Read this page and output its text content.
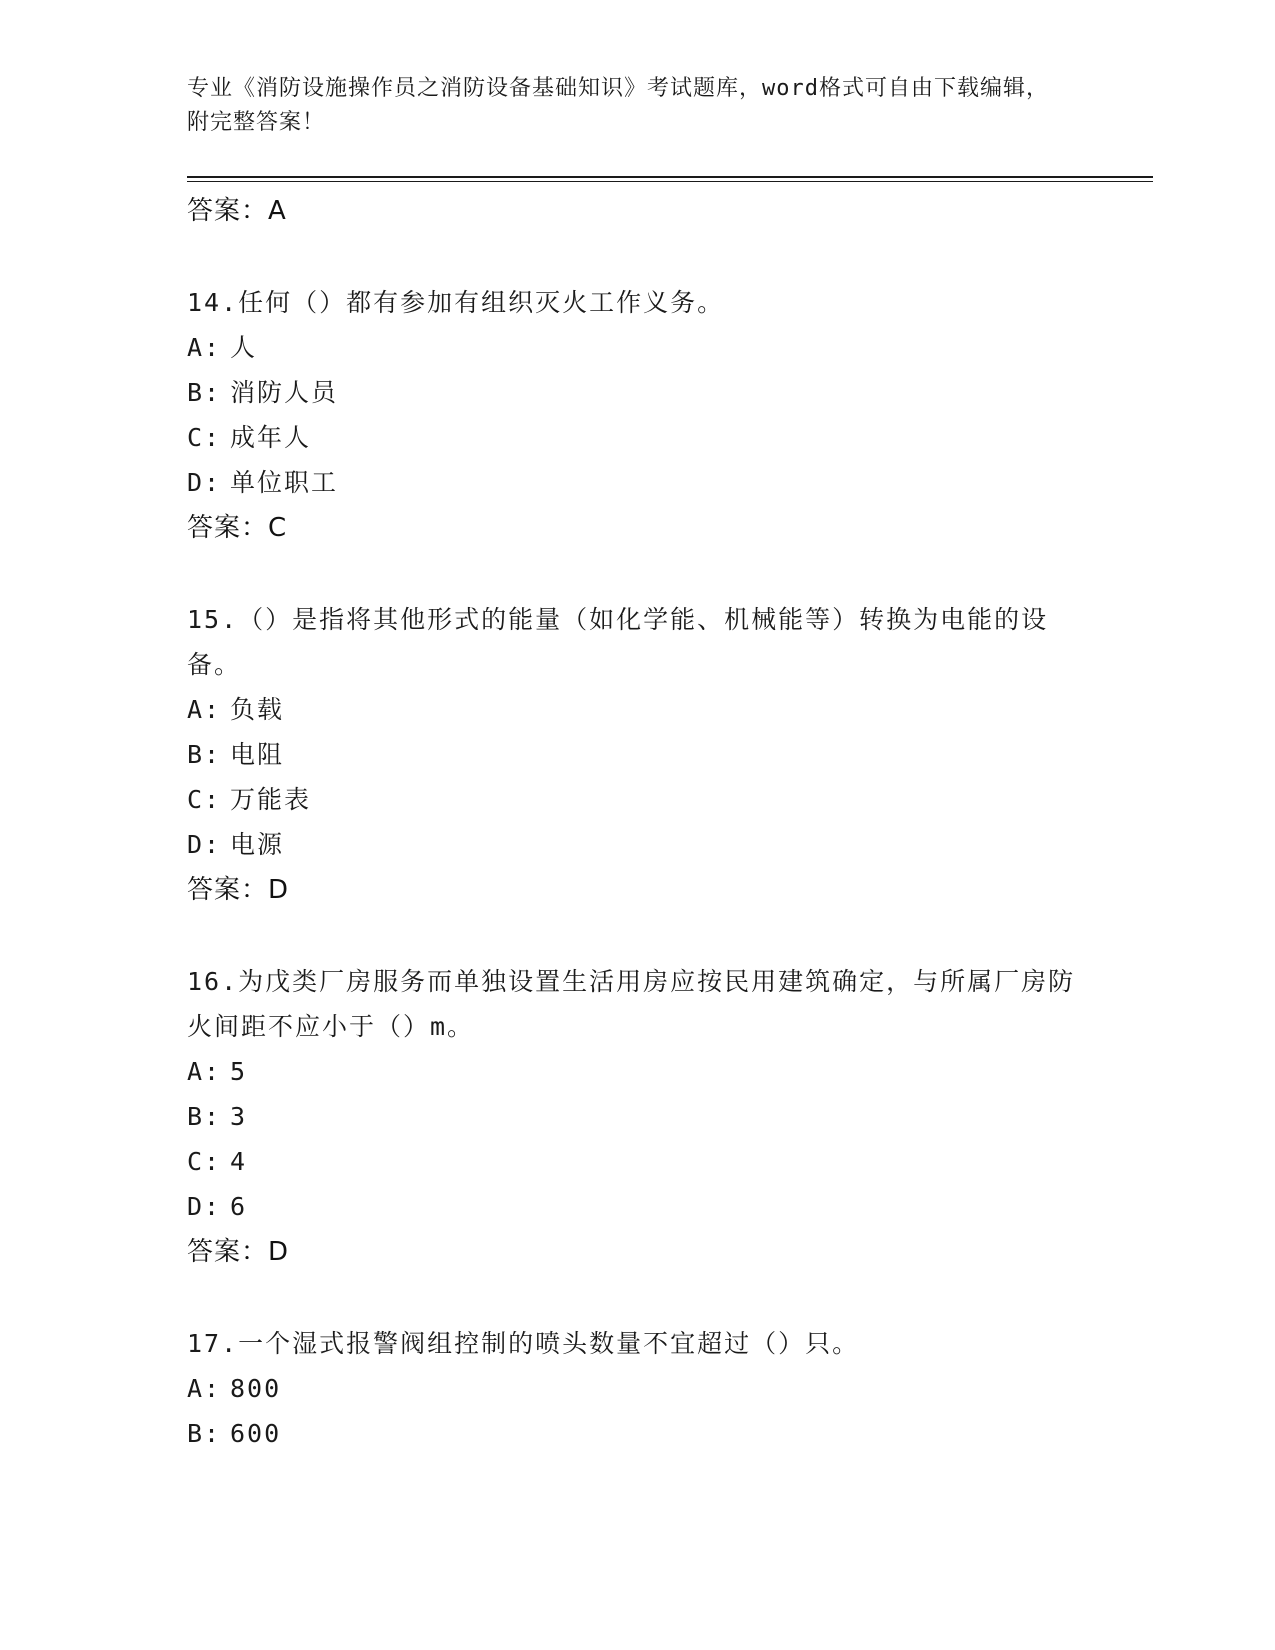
专业《消防设施操作员之消防设备基础知识》考试题库，word格式可自由下载编辑，附完整答案！
答案：A
14.任何（）都有参加有组织灭火工作义务。
A: 人
B: 消防人员
C: 成年人
D: 单位职工
答案：C
15.（）是指将其他形式的能量（如化学能、机械能等）转换为电能的设备。
A: 负载
B: 电阻
C: 万能表
D: 电源
答案：D
16.为戊类厂房服务而单独设置生活用房应按民用建筑确定，与所属厂房防火间距不应小于（）m。
A: 5
B: 3
C: 4
D: 6
答案：D
17.一个湿式报警阀组控制的喷头数量不宜超过（）只。
A: 800
B: 600
